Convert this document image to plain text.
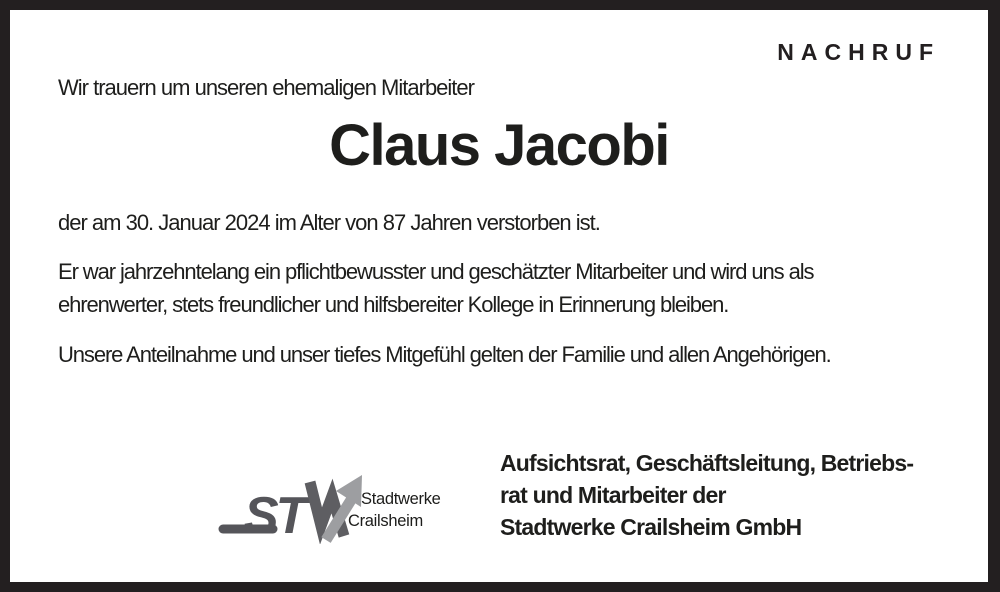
NACHRUF
Wir trauern um unseren ehemaligen Mitarbeiter
Claus Jacobi
der am 30. Januar 2024 im Alter von 87 Jahren verstorben ist.
Er war jahrzehntelang ein pflichtbewusster und geschätzter Mitarbeiter und wird uns als
ehrenwerter, stets freundlicher und hilfsbereiter Kollege in Erinnerung bleiben.
Unsere Anteilnahme und unser tiefes Mitgefühl gelten der Familie und allen Angehörigen.
ST	Stadtwerke
Crailsheim
Aufsichtsrat, Geschäftsleitung, Betriebs-
rat und Mitarbeiter der
Stadtwerke Crailsheim GmbH
